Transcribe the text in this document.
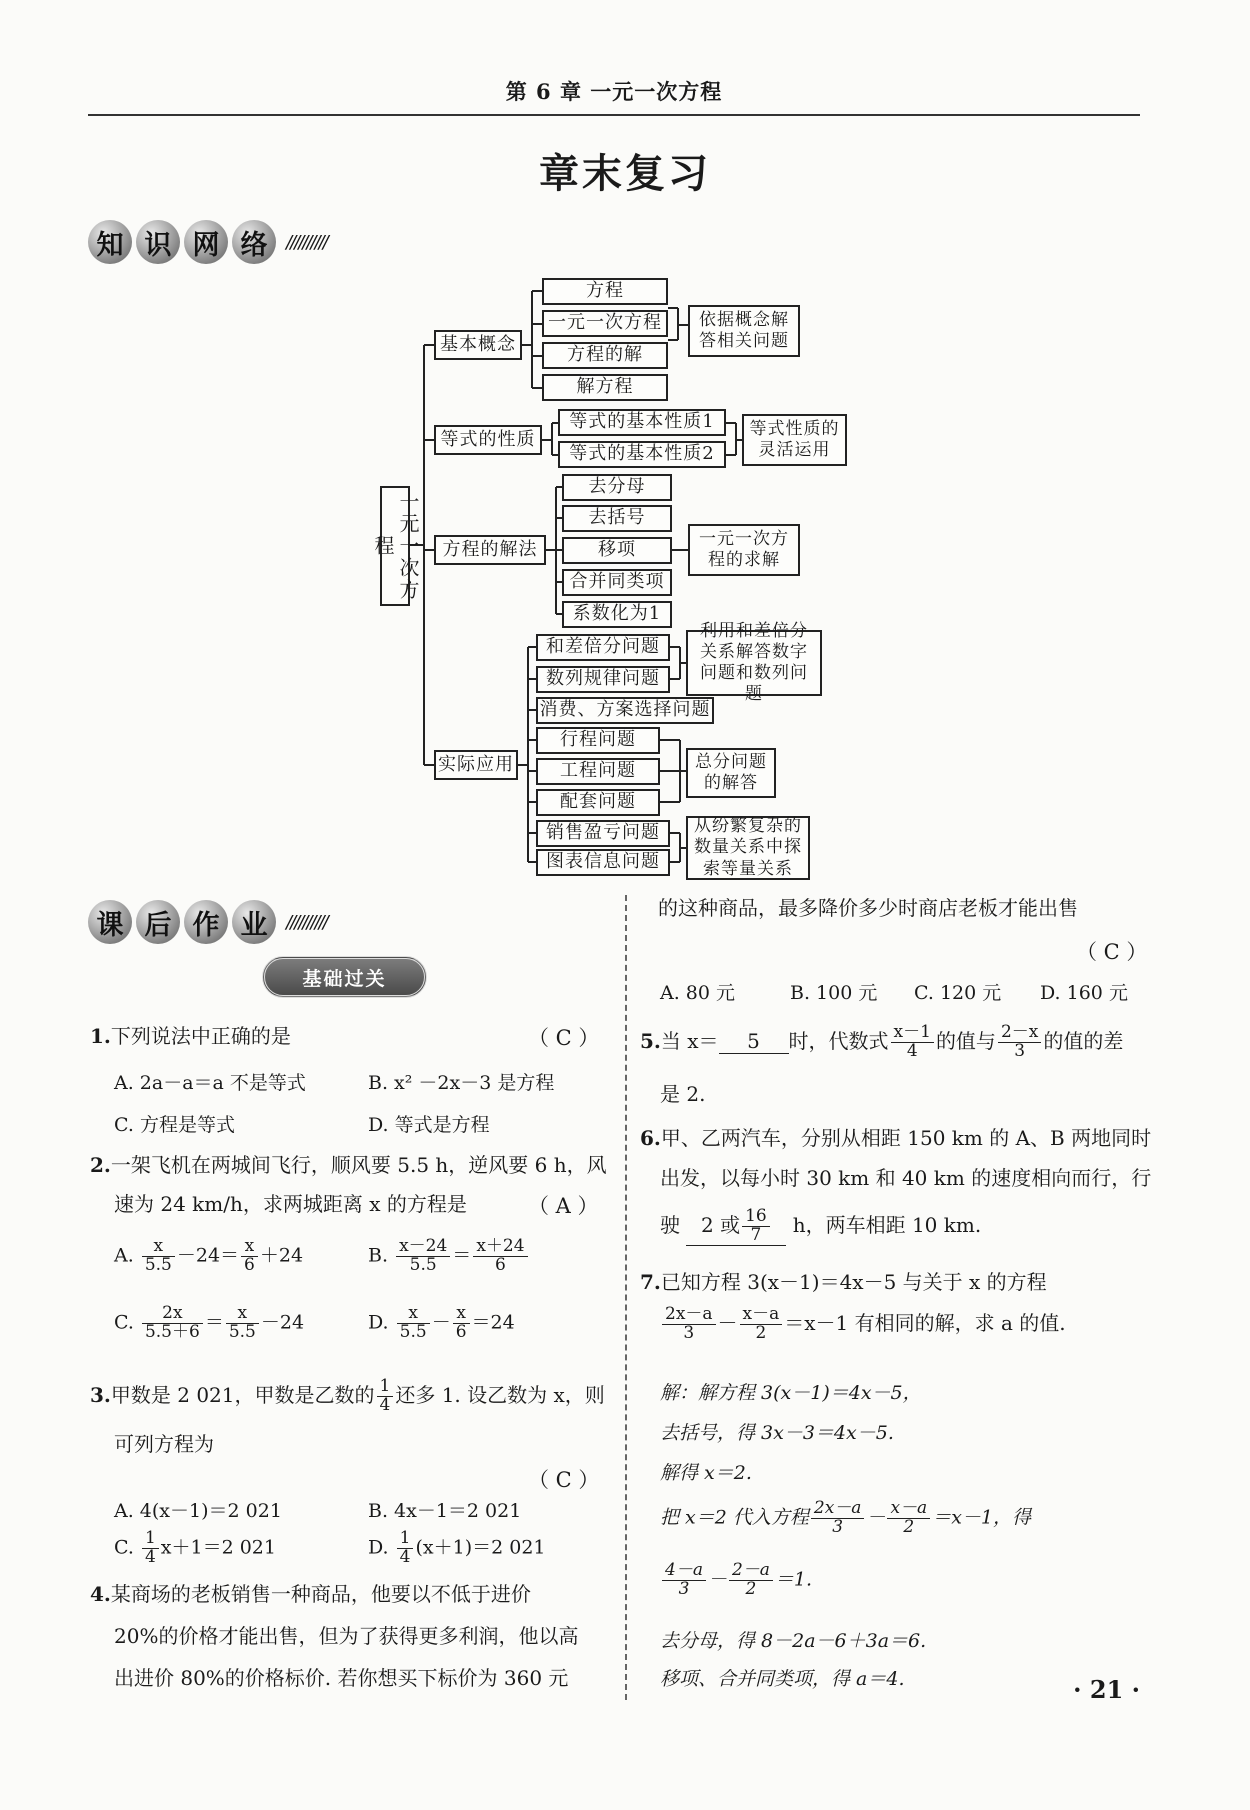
第 6 章 一元一次方程
章末复习
知 识 网 络	//////////
一元一次方程
基本概念
方程
一元一次方程
方程的解
解方程
依据概念解答相关问题
等式的性质
等式的基本性质1
等式的基本性质2
等式性质的灵活运用
方程的解法
去分母
去括号
移项
合并同类项
系数化为1
一元一次方程的求解
实际应用
和差倍分问题
数列规律问题
利用和差倍分关系解答数字问题和数列问题
消费、方案选择问题
行程问题
工程问题
配套问题
总分问题的解答
销售盈亏问题
图表信息问题
从纷繁复杂的数量关系中探索等量关系
课 后 作 业	//////////
基础过关
1.下列说法中正确的是	（ C ）
A. 2a－a＝a 不是等式	B. x² －2x－3 是方程
C. 方程是等式	D. 等式是方程
2.一架飞机在两城间飞行，顺风要 5.5 h，逆风要 6 h，风
速为 24 km/h，求两城距离 x 的方程是	（ A ）
A. $\frac{x}{5.5} -24= \frac{x}{6} +24$	B. $\frac{x-24}{5.5} = \frac{x+24}{6}$
C. $\frac{2x}{5.5+6} = \frac{x}{5.5} -24$	D. $\frac{x}{5.5} - \frac{x}{6} =24$
3.甲数是 2 021，甲数是乙数的 $\frac{1}{4}$ 还多 1. 设乙数为 x，则
可列方程为
（ C ）
A. 4(x－1)＝2 021	B. 4x－1＝2 021
C. $\frac{1}{4} x+1=2$ 021	D. $\frac{1}{4} (x+1)=2$ 021
4.某商场的老板销售一种商品，他要以不低于进价
20%的价格才能出售，但为了获得更多利润，他以高
出进价 80%的价格标价. 若你想买下标价为 360 元
的这种商品，最多降价多少时商店老板才能出售
（ C ）
A. 80 元	B. 100 元 C. 120 元 D. 160 元
5.当 x＝ 5 时，代数式 $\frac{x-1}{4}$ 的值与 $\frac{2-x}{3}$ 的值的差
是 2.
6.甲、乙两汽车，分别从相距 150 km 的 A、B 两地同时
出发，以每小时 30 km 和 40 km 的速度相向而行，行
驶 2 或 $\frac{16}{7}$ h，两车相距 10 km.
7.已知方程 3(x－1)＝4x－5 与关于 x 的方程
$\frac{2x-a}{3} - \frac{x-a}{2} =x-1$ 有相同的解，求 a 的值.
解：解方程 3(x－1)＝4x－5，
去括号，得 3x－3＝4x－5.
解得 x＝2.
把 x＝2 代入方程 $\frac{2x-a}{3} - \frac{x-a}{2} =x-1$，得
$\frac{4-a}{3} - \frac{2-a}{2} =1$.
去分母，得 8－2a－6＋3a＝6.
移项、合并同类项，得 a＝4.	· 21 ·
